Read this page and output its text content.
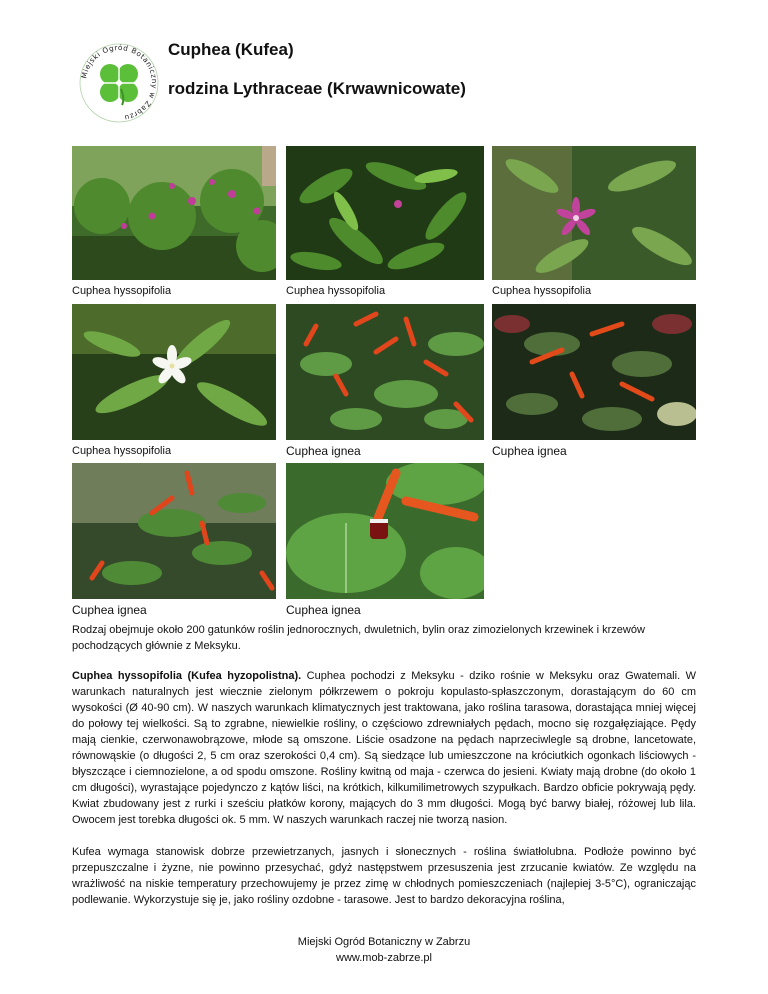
Miejski Ogród Botaniczny w Zabrzu
Cuphea (Kufea)
rodzina Lythraceae (Krwawnicowate)
Cuphea hyssopifolia	Cuphea hyssopifolia	Cuphea hyssopifolia
Cuphea hyssopifolia	Cuphea ignea	Cuphea ignea
Cuphea ignea	Cuphea ignea
Rodzaj obejmuje około 200 gatunków roślin jednorocznych, dwuletnich, bylin oraz zimozielonych krzewinek i krzewów pochodzących głównie z Meksyku.
Cuphea hyssopifolia (Kufea hyzopolistna). Cuphea pochodzi z Meksyku - dziko rośnie w Meksyku oraz Gwatemali. W warunkach naturalnych jest wiecznie zielonym półkrzewem o pokroju kopulasto-spłaszczonym, dorastającym do 60 cm wysokości (Ø 40-90 cm). W naszych warunkach klimatycznych jest traktowana, jako roślina tarasowa, dorastająca mniej więcej do połowy tej wielkości. Są to zgrabne, niewielkie rośliny, o częściowo zdrewniałych pędach, mocno się rozgałęziające. Pędy mają cienkie, czerwonawobrązowe, młode są omszone. Liście osadzone na pędach naprzeciwlegle są drobne, lancetowate, równowąskie (o długości 2, 5 cm oraz szerokości 0,4 cm). Są siedzące lub umieszczone na króciutkich ogonkach liściowych - błyszczące i ciemnozielone, a od spodu omszone. Rośliny kwitną od maja - czerwca do jesieni. Kwiaty mają drobne (do około 1 cm długości), wyrastające pojedynczo z kątów liści, na krótkich, kilkumilimetrowych szypułkach. Bardzo obficie pokrywają pędy. Kwiat zbudowany jest z rurki i sześciu płatków korony, mających do 3 mm długości. Mogą być barwy białej, różowej lub lila. Owocem jest torebka długości ok. 5 mm. W naszych warunkach raczej nie tworzą nasion.
Kufea wymaga stanowisk dobrze przewietrzanych, jasnych i słonecznych - roślina światłolubna. Podłoże powinno być przepuszczalne i żyzne, nie powinno przesychać, gdyż następstwem przesuszenia jest zrzucanie kwiatów. Ze względu na wrażliwość na niskie temperatury przechowujemy je przez zimę w chłodnych pomieszczeniach (najlepiej 3-5°C), ograniczając podlewanie. Wykorzystuje się je, jako rośliny ozdobne - tarasowe. Jest to bardzo dekoracyjna roślina,
Miejski Ogród Botaniczny w Zabrzu
www.mob-zabrze.pl
